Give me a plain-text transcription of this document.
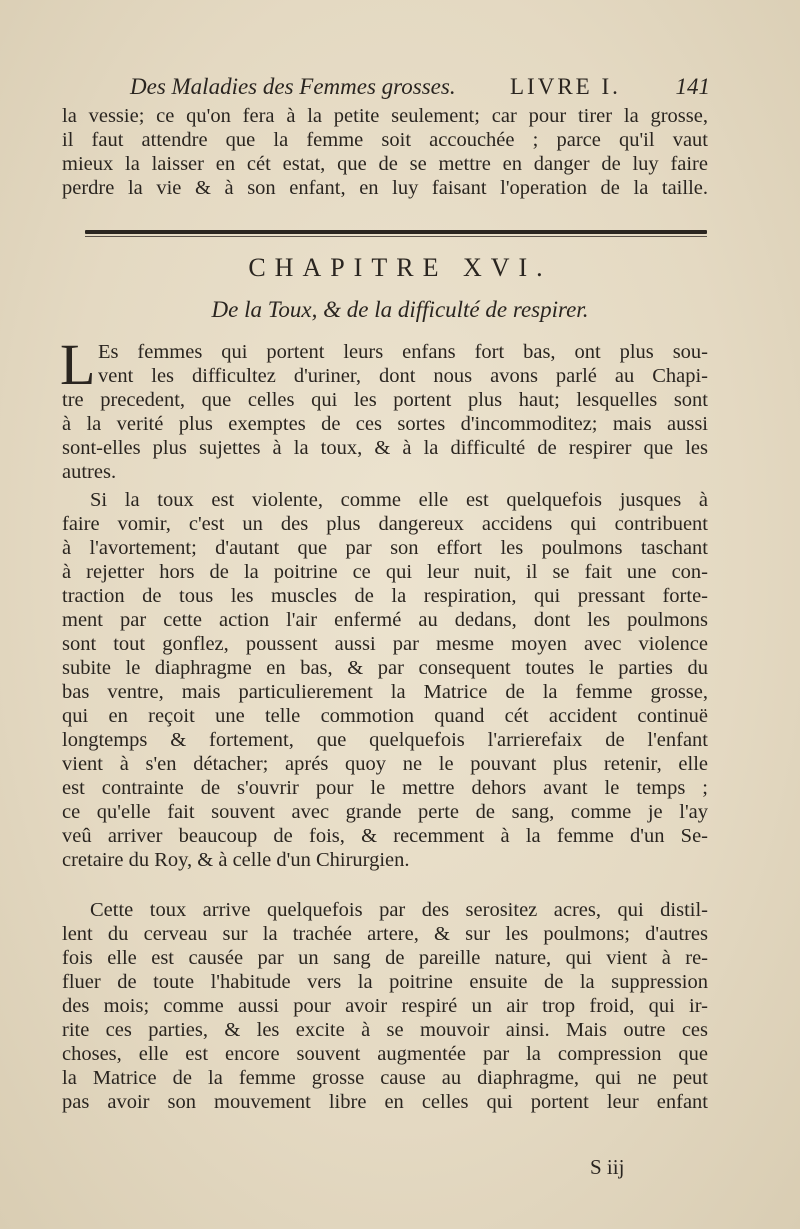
Des Maladies des Femmes grosses. LIVRE I. 141
la vessie; ce qu'on fera à la petite seulement; car pour tirer la grosse,
il faut attendre que la femme soit accouchée ; parce qu'il vaut
mieux la laisser en cét estat, que de se mettre en danger de luy faire
perdre la vie & à son enfant, en luy faisant l'operation de la taille.
CHAPITRE XVI.
De la Toux, & de la difficulté de respirer.
L Es femmes qui portent leurs enfans fort bas, ont plus sou-
vent les difficultez d'uriner, dont nous avons parlé au Chapi-
tre precedent, que celles qui les portent plus haut; lesquelles sont
à la verité plus exemptes de ces sortes d'incommoditez; mais aussi
sont-elles plus sujettes à la toux, & à la difficulté de respirer que les
autres.
Si la toux est violente, comme elle est quelquefois jusques à
faire vomir, c'est un des plus dangereux accidens qui contribuent
à l'avortement; d'autant que par son effort les poulmons taschant
à rejetter hors de la poitrine ce qui leur nuit, il se fait une con-
traction de tous les muscles de la respiration, qui pressant forte-
ment par cette action l'air enfermé au dedans, dont les poulmons
sont tout gonflez, poussent aussi par mesme moyen avec violence
subite le diaphragme en bas, & par consequent toutes le parties du
bas ventre, mais particulierement la Matrice de la femme grosse,
qui en reçoit une telle commotion quand cét accident continuë
longtemps & fortement, que quelquefois l'arrierefaix de l'enfant
vient à s'en détacher; aprés quoy ne le pouvant plus retenir, elle
est contrainte de s'ouvrir pour le mettre dehors avant le temps ;
ce qu'elle fait souvent avec grande perte de sang, comme je l'ay
veû arriver beaucoup de fois, & recemment à la femme d'un Se-
cretaire du Roy, & à celle d'un Chirurgien.
Cette toux arrive quelquefois par des serositez acres, qui distil-
lent du cerveau sur la trachée artere, & sur les poulmons; d'autres
fois elle est causée par un sang de pareille nature, qui vient à re-
fluer de toute l'habitude vers la poitrine ensuite de la suppression
des mois; comme aussi pour avoir respiré un air trop froid, qui ir-
rite ces parties, & les excite à se mouvoir ainsi. Mais outre ces
choses, elle est encore souvent augmentée par la compression que
la Matrice de la femme grosse cause au diaphragme, qui ne peut
pas avoir son mouvement libre en celles qui portent leur enfant
S iij
